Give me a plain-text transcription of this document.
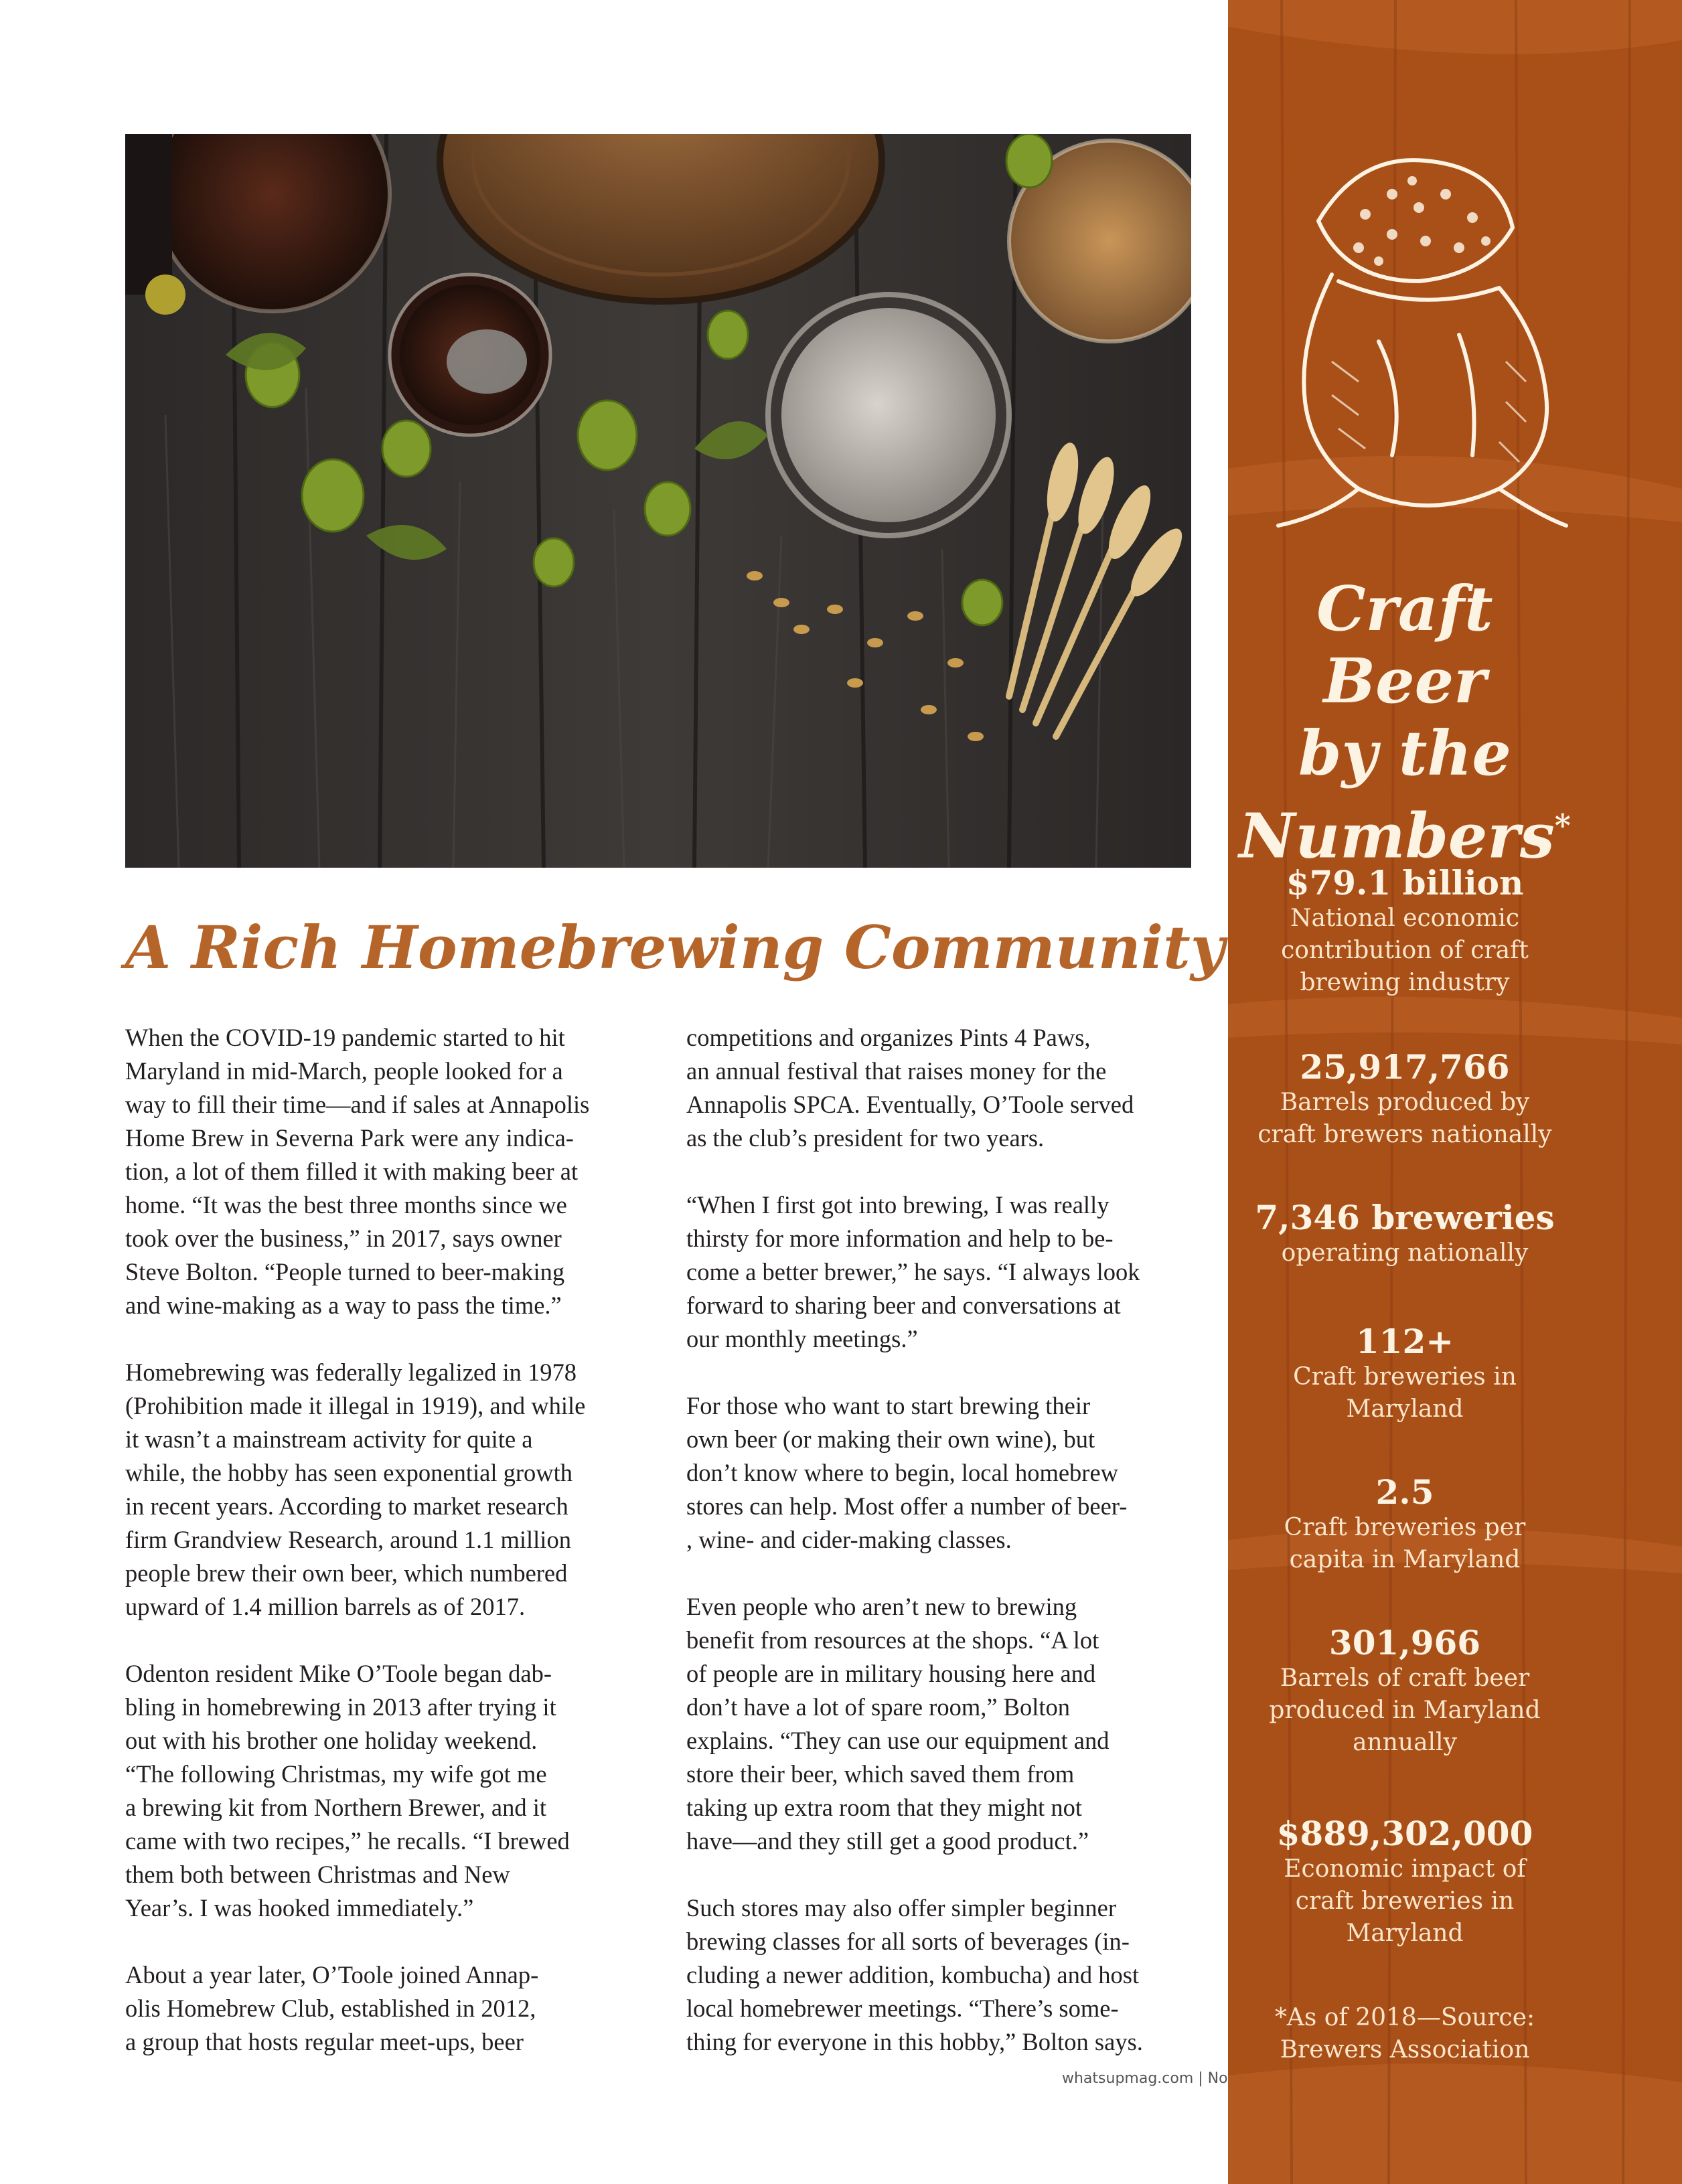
A Rich Homebrewing Community

When the COVID-19 pandemic started to hit
Maryland in mid-March, people looked for a
way to fill their time—and if sales at Annapolis
Home Brew in Severna Park were any indica-
tion, a lot of them filled it with making beer at
home. “It was the best three months since we
took over the business,” in 2017, says owner
Steve Bolton. “People turned to beer-making
and wine-making as a way to pass the time.”

Homebrewing was federally legalized in 1978
(Prohibition made it illegal in 1919), and while
it wasn’t a mainstream activity for quite a
while, the hobby has seen exponential growth
in recent years. According to market research
firm Grandview Research, around 1.1 million
people brew their own beer, which numbered
upward of 1.4 million barrels as of 2017.

Odenton resident Mike O’Toole began dab-
bling in homebrewing in 2013 after trying it
out with his brother one holiday weekend.
“The following Christmas, my wife got me
a brewing kit from Northern Brewer, and it
came with two recipes,” he recalls. “I brewed
them both between Christmas and New
Year’s. I was hooked immediately.”

About a year later, O’Toole joined Annap-
olis Homebrew Club, established in 2012,
a group that hosts regular meet-ups, beer

competitions and organizes Pints 4 Paws,
an annual festival that raises money for the
Annapolis SPCA. Eventually, O’Toole served
as the club’s president for two years.

“When I first got into brewing, I was really
thirsty for more information and help to be-
come a better brewer,” he says. “I always look
forward to sharing beer and conversations at
our monthly meetings.”

For those who want to start brewing their
own beer (or making their own wine), but
don’t know where to begin, local homebrew
stores can help. Most offer a number of beer-
, wine- and cider-making classes.

Even people who aren’t new to brewing
benefit from resources at the shops. “A lot
of people are in military housing here and
don’t have a lot of spare room,” Bolton
explains. “They can use our equipment and
store their beer, which saved them from
taking up extra room that they might not
have—and they still get a good product.”

Such stores may also offer simpler beginner
brewing classes for all sorts of beverages (in-
cluding a newer addition, kombucha) and host
local homebrewer meetings. “There’s some-
thing for everyone in this hobby,” Bolton says.

whatsupmag.com | No
Craft Beer
by the
Numbers*
$79.1 billion
National economic
contribution of craft
brewing industry
25,917,766
Barrels produced by
craft brewers nationally
7,346 breweries
operating nationally
112+
Craft breweries in
Maryland
2.5
Craft breweries per
capita in Maryland
301,966
Barrels of craft beer
produced in Maryland
annually
$889,302,000
Economic impact of
craft breweries in
Maryland
*As of 2018—Source:
Brewers Association
